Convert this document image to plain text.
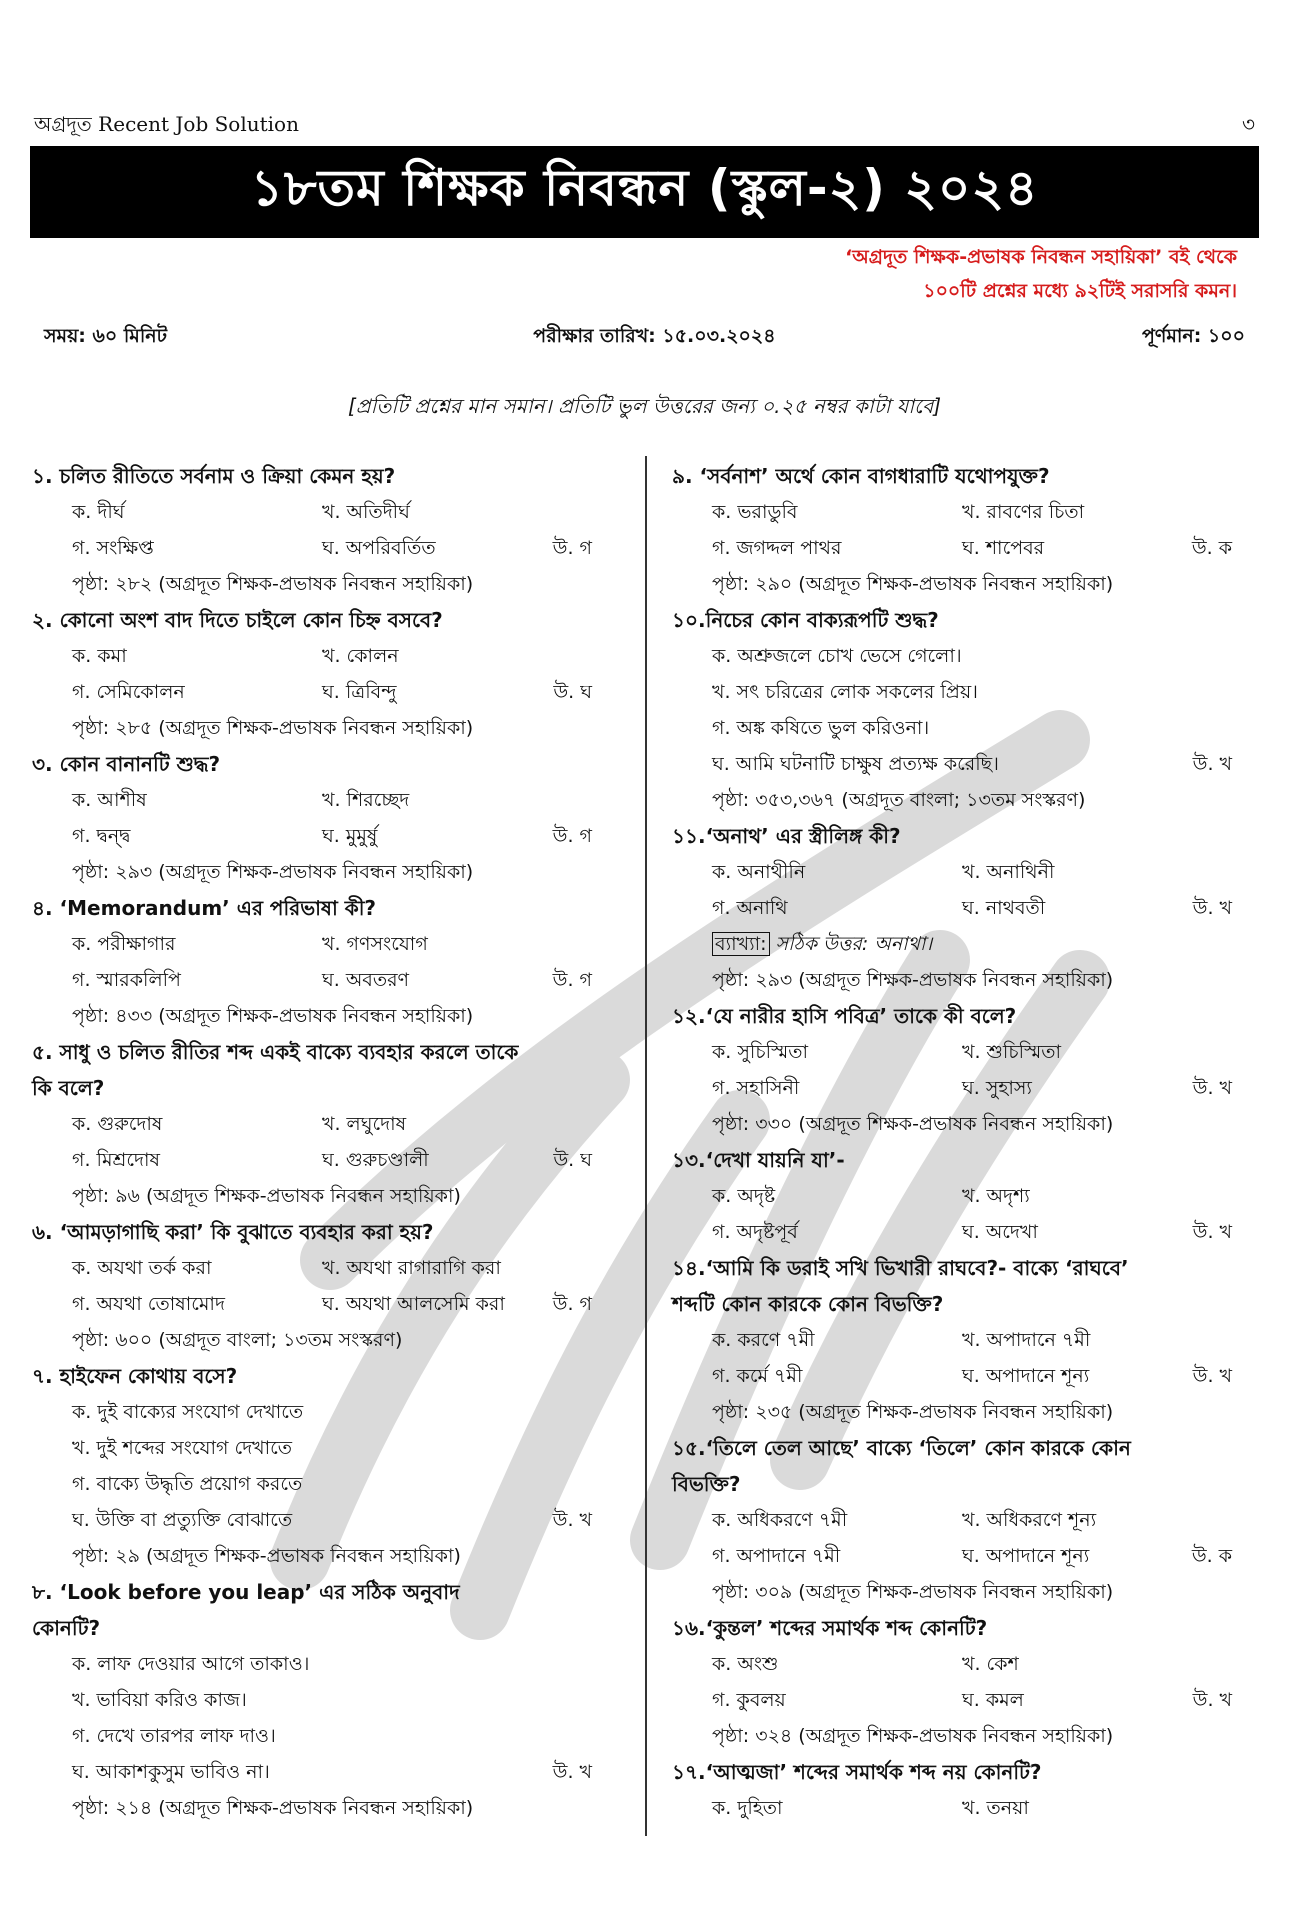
অগ্রদূত Recent Job Solution	৩
১৮তম শিক্ষক নিবন্ধন (স্কুল-২) ২০২৪
‘অগ্রদূত শিক্ষক-প্রভাষক নিবন্ধন সহায়িকা’ বই থেকে
১০০টি প্রশ্নের মধ্যে ৯২টিই সরাসরি কমন।
সময়: ৬০ মিনিট	পরীক্ষার তারিখ: ১৫.০৩.২০২৪	পূর্ণমান: ১০০
[প্রতিটি প্রশ্নের মান সমান। প্রতিটি ভুল উত্তরের জন্য ০.২৫ নম্বর কাটা যাবে]
১.
চলিত রীতিতে সর্বনাম ও ক্রিয়া কেমন হয়?
ক. দীর্ঘ	খ. অতিদীর্ঘ
গ. সংক্ষিপ্ত	ঘ. অপরিবর্তিত	উ. গ
পৃষ্ঠা: ২৮২ (অগ্রদূত শিক্ষক-প্রভাষক নিবন্ধন সহায়িকা)
২.
কোনো অংশ বাদ দিতে চাইলে কোন চিহ্ন বসবে?
ক. কমা	খ. কোলন
গ. সেমিকোলন	ঘ. ত্রিবিন্দু	উ. ঘ
পৃষ্ঠা: ২৮৫ (অগ্রদূত শিক্ষক-প্রভাষক নিবন্ধন সহায়িকা)
৩.
কোন বানানটি শুদ্ধ?
ক. আশীষ	খ. শিরচ্ছেদ
গ. দ্বন্দ্ব	ঘ. মুমুর্ষু	উ. গ
পৃষ্ঠা: ২৯৩ (অগ্রদূত শিক্ষক-প্রভাষক নিবন্ধন সহায়িকা)
৪.
‘Memorandum’ এর পরিভাষা কী?
ক. পরীক্ষাগার	খ. গণসংযোগ
গ. স্মারকলিপি	ঘ. অবতরণ	উ. গ
পৃষ্ঠা: ৪৩৩ (অগ্রদূত শিক্ষক-প্রভাষক নিবন্ধন সহায়িকা)
৫.
সাধু ও চলিত রীতির শব্দ একই বাক্যে ব্যবহার করলে তাকে
কি বলে?
ক. গুরুদোষ	খ. লঘুদোষ
গ. মিশ্রদোষ	ঘ. গুরুচণ্ডালী	উ. ঘ
পৃষ্ঠা: ৯৬ (অগ্রদূত শিক্ষক-প্রভাষক নিবন্ধন সহায়িকা)
৬.
‘আমড়াগাছি করা’ কি বুঝাতে ব্যবহার করা হয়?
ক. অযথা তর্ক করা	খ. অযথা রাগারাগি করা
গ. অযথা তোষামোদ	ঘ. অযথা আলসেমি করা	উ. গ
পৃষ্ঠা: ৬০০ (অগ্রদূত বাংলা; ১৩তম সংস্করণ)
৭.
হাইফেন কোথায় বসে?
ক. দুই বাক্যের সংযোগ দেখাতে
খ. দুই শব্দের সংযোগ দেখাতে
গ. বাক্যে উদ্ধৃতি প্রয়োগ করতে
ঘ. উক্তি বা প্রত্যুক্তি বোঝাতে	উ. খ
পৃষ্ঠা: ২৯ (অগ্রদূত শিক্ষক-প্রভাষক নিবন্ধন সহায়িকা)
৮.
‘Look before you leap’ এর সঠিক অনুবাদ
কোনটি?
ক. লাফ দেওয়ার আগে তাকাও।
খ. ভাবিয়া করিও কাজ।
গ. দেখে তারপর লাফ দাও।
ঘ. আকাশকুসুম ভাবিও না।	উ. খ
পৃষ্ঠা: ২১৪ (অগ্রদূত শিক্ষক-প্রভাষক নিবন্ধন সহায়িকা)
৯.
‘সর্বনাশ’ অর্থে কোন বাগধারাটি যথোপযুক্ত?
ক. ভরাডুবি	খ. রাবণের চিতা
গ. জগদ্দল পাথর	ঘ. শাপেবর	উ. ক
পৃষ্ঠা: ২৯০ (অগ্রদূত শিক্ষক-প্রভাষক নিবন্ধন সহায়িকা)
১০. নিচের কোন বাক্যরূপটি শুদ্ধ?
ক. অশ্রুজলে চোখ ভেসে গেলো।
খ. সৎ চরিত্রের লোক সকলের প্রিয়।
গ. অঙ্ক কষিতে ভুল করিওনা।
ঘ. আমি ঘটনাটি চাক্ষুষ প্রত্যক্ষ করেছি।	উ. খ
পৃষ্ঠা: ৩৫৩,৩৬৭ (অগ্রদূত বাংলা; ১৩তম সংস্করণ)
১১. ‘অনাথ’ এর স্ত্রীলিঙ্গ কী?
ক. অনাথীনি	খ. অনাথিনী
গ. অনাথি	ঘ. নাথবতী	উ. খ
ব্যাখ্যা: সঠিক উত্তর: অনাথা।
পৃষ্ঠা: ২৯৩ (অগ্রদূত শিক্ষক-প্রভাষক নিবন্ধন সহায়িকা)
১২. ‘যে নারীর হাসি পবিত্র’ তাকে কী বলে?
ক. সুচিস্মিতা	খ. শুচিস্মিতা
গ. সহাসিনী	ঘ. সুহাস্য	উ. খ
পৃষ্ঠা: ৩৩০ (অগ্রদূত শিক্ষক-প্রভাষক নিবন্ধন সহায়িকা)
১৩. ‘দেখা যায়নি যা’-
ক. অদৃষ্ট	খ. অদৃশ্য
গ. অদৃষ্টপূর্ব	ঘ. অদেখা	উ. খ
১৪. ‘আমি কি ডরাই সখি ভিখারী রাঘবে?- বাক্যে ‘রাঘবে’
শব্দটি কোন কারকে কোন বিভক্তি?
ক. করণে ৭মী	খ. অপাদানে ৭মী
গ. কর্মে ৭মী	ঘ. অপাদানে শূন্য	উ. খ
পৃষ্ঠা: ২৩৫ (অগ্রদূত শিক্ষক-প্রভাষক নিবন্ধন সহায়িকা)
১৫. ‘তিলে তেল আছে’ বাক্যে ‘তিলে’ কোন কারকে কোন
বিভক্তি?
ক. অধিকরণে ৭মী	খ. অধিকরণে শূন্য
গ. অপাদানে ৭মী	ঘ. অপাদানে শূন্য	উ. ক
পৃষ্ঠা: ৩০৯ (অগ্রদূত শিক্ষক-প্রভাষক নিবন্ধন সহায়িকা)
১৬. ‘কুন্তল’ শব্দের সমার্থক শব্দ কোনটি?
ক. অংশু	খ. কেশ
গ. কুবলয়	ঘ. কমল	উ. খ
পৃষ্ঠা: ৩২৪ (অগ্রদূত শিক্ষক-প্রভাষক নিবন্ধন সহায়িকা)
১৭. ‘আত্মজা’ শব্দের সমার্থক শব্দ নয় কোনটি?
ক. দুহিতা	খ. তনয়া
